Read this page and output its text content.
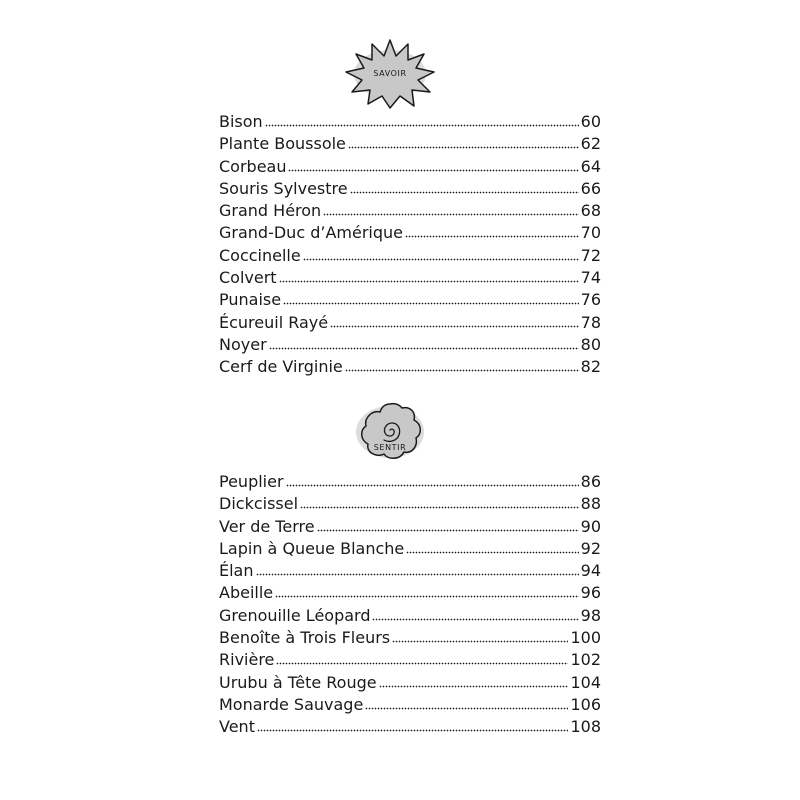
SAVOIR
Bison	60
Plante Boussole	62
Corbeau	64
Souris Sylvestre	66
Grand Héron	68
Grand-Duc d’Amérique	70
Coccinelle	72
Colvert	74
Punaise	76
Écureuil Rayé	78
Noyer	80
Cerf de Virginie	82
SENTIR
Peuplier	86
Dickcissel	88
Ver de Terre	90
Lapin à Queue Blanche	92
Élan	94
Abeille	96
Grenouille Léopard	98
Benoîte à Trois Fleurs	100
Rivière	102
Urubu à Tête Rouge	104
Monarde Sauvage	106
Vent	108
